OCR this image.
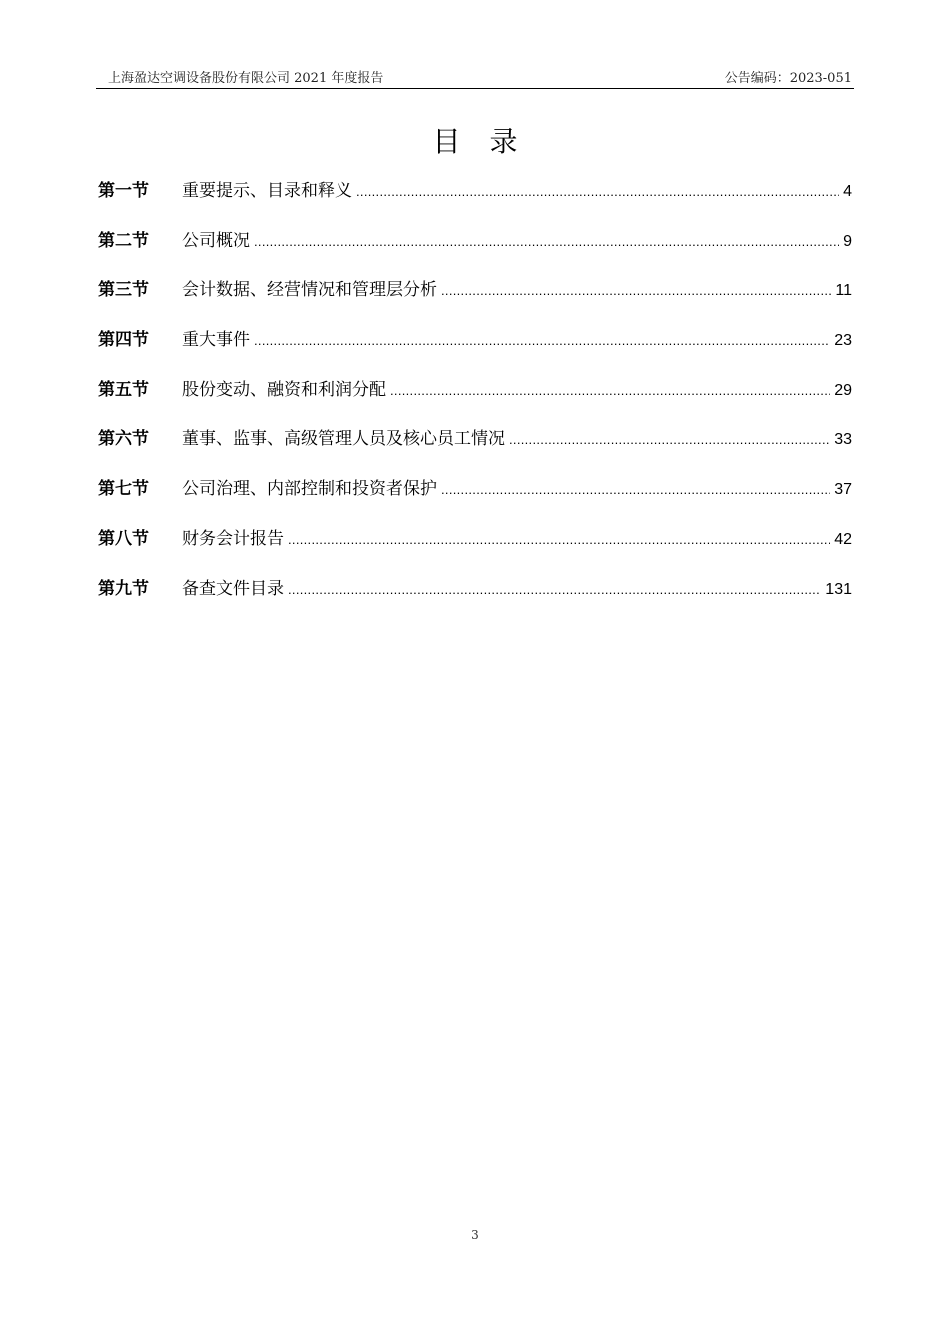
上海盈达空调设备股份有限公司 2021 年度报告	公告编码：2023-051
目 录
第一节	重要提示、目录和释义 .....	4
第二节	公司概况 .....	9
第三节	会计数据、经营情况和管理层分析 .....	11
第四节	重大事件 .....	23
第五节	股份变动、融资和利润分配 .....	29
第六节	董事、监事、高级管理人员及核心员工情况 .....	33
第七节	公司治理、内部控制和投资者保护 .....	37
第八节	财务会计报告 .....	42
第九节	备查文件目录 .....	131
3
